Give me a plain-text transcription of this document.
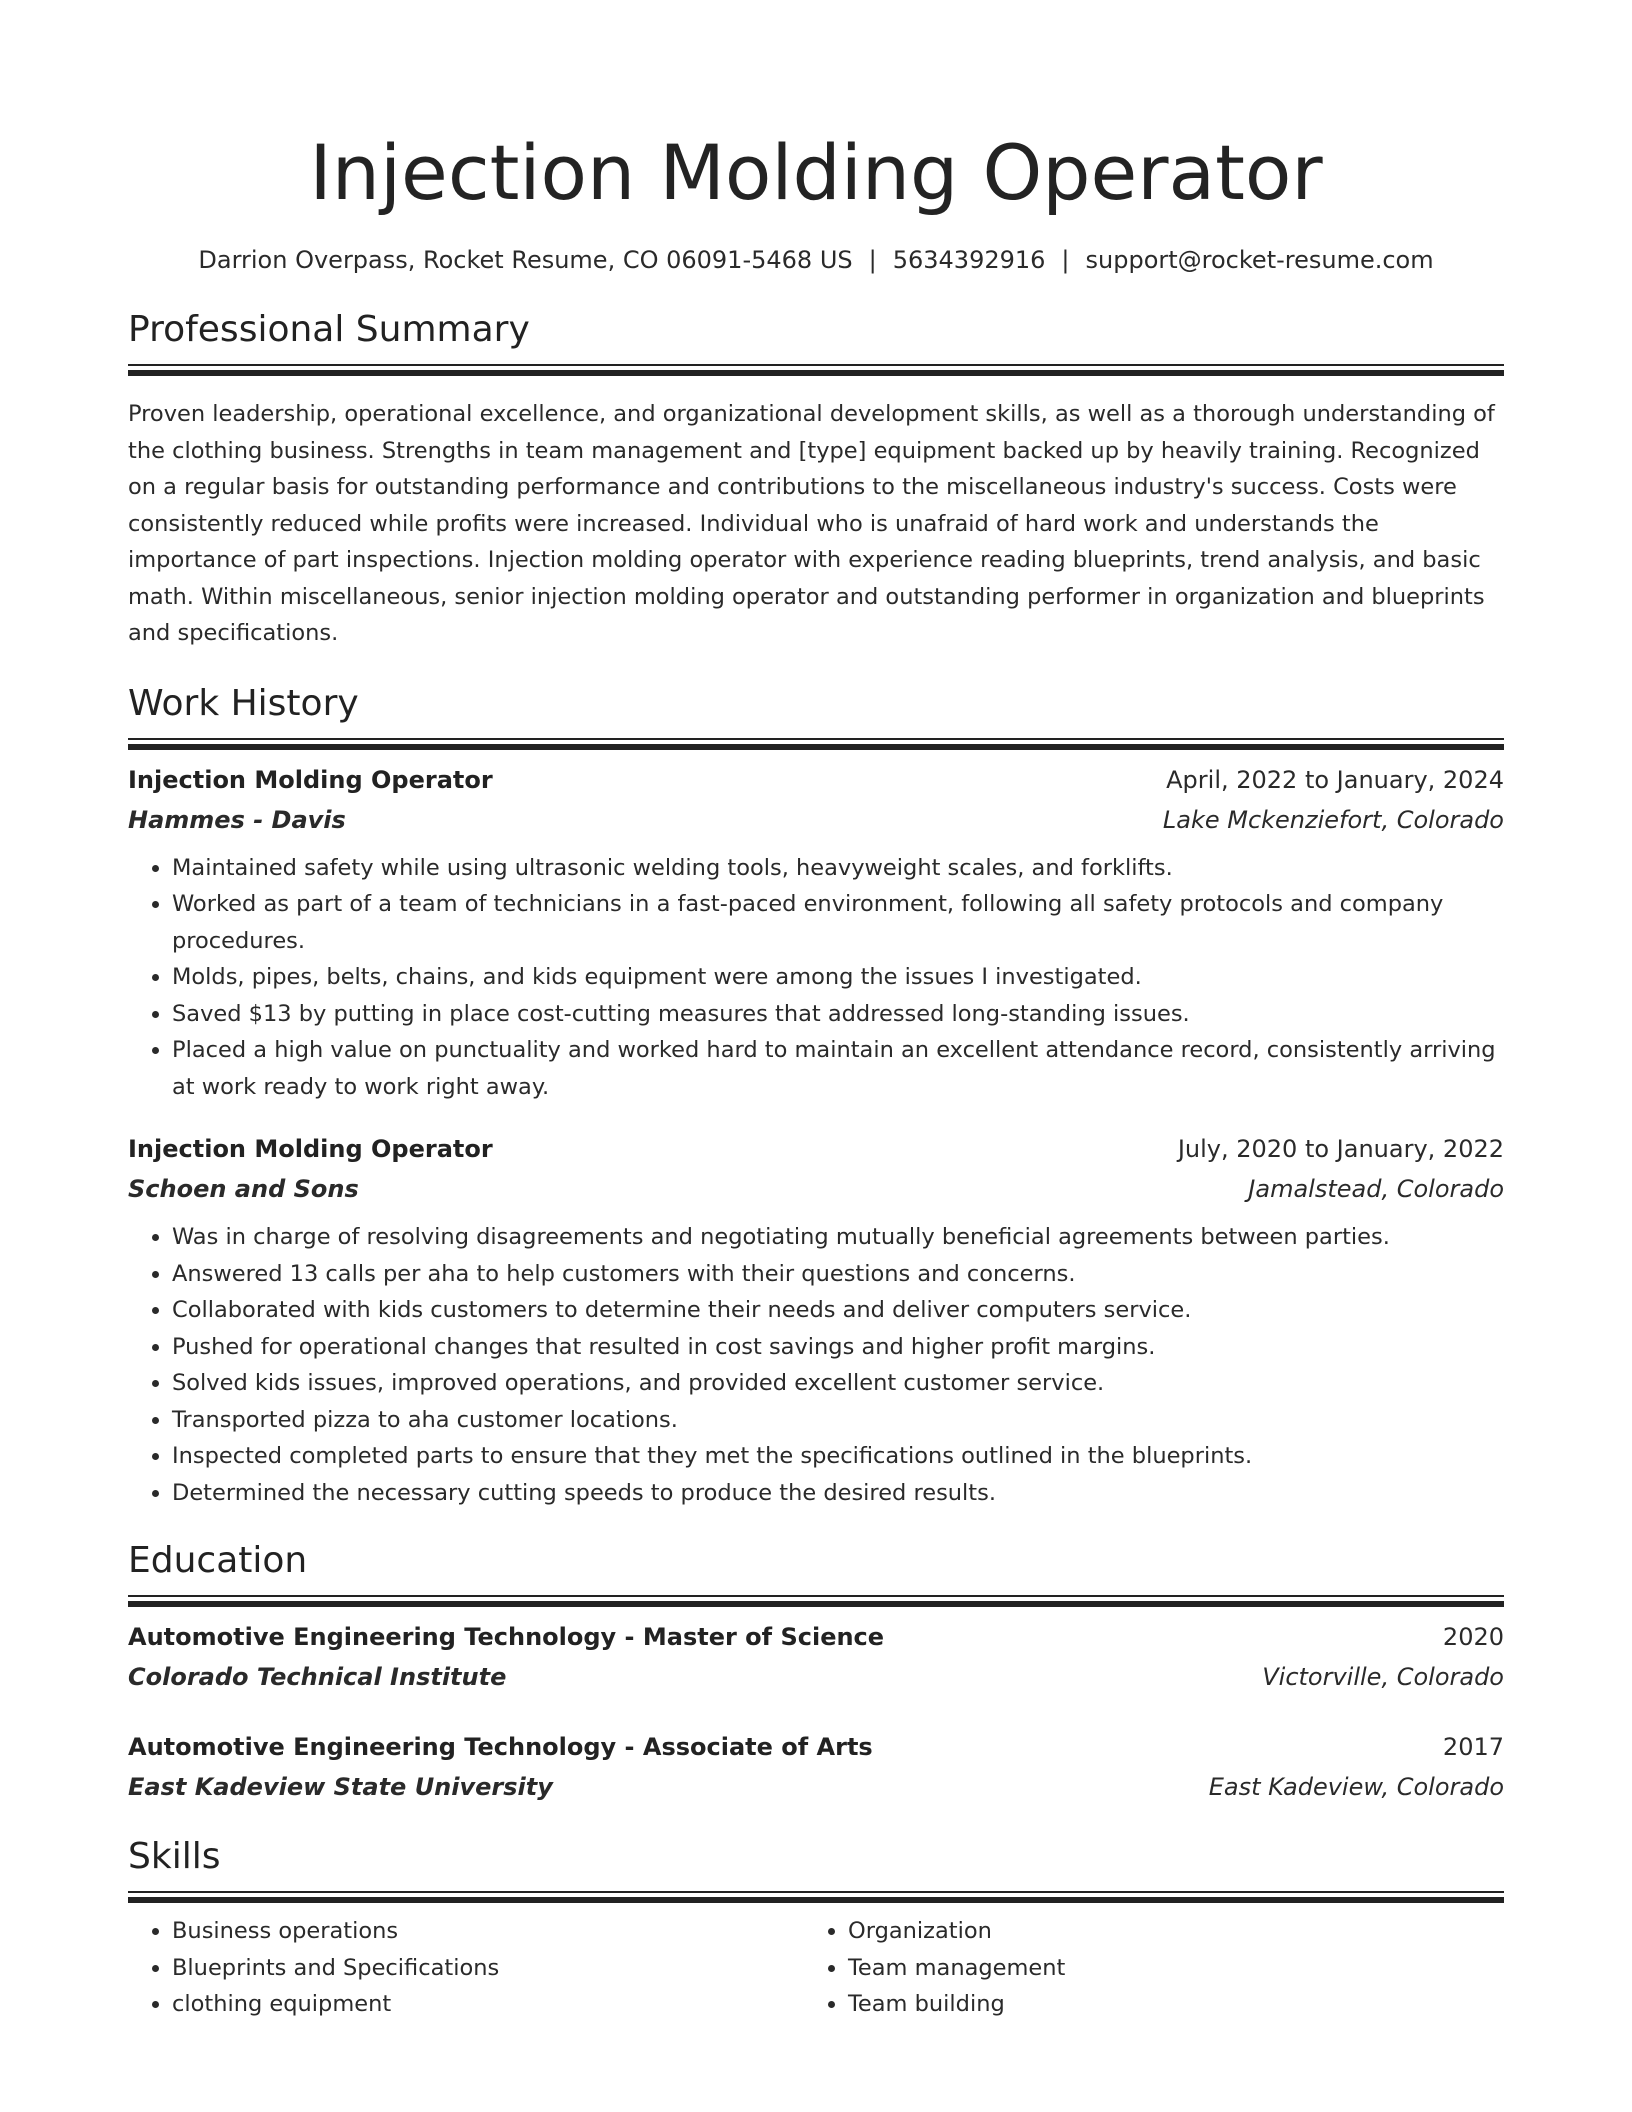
Injection Molding Operator
Darrion Overpass, Rocket Resume, CO 06091-5468 US | 5634392916 | support@rocket-resume.com
Professional Summary
Proven leadership, operational excellence, and organizational development skills, as well as a thorough understanding of the clothing business. Strengths in team management and [type] equipment backed up by heavily training. Recognized on a regular basis for outstanding performance and contributions to the miscellaneous industry's success. Costs were consistently reduced while profits were increased. Individual who is unafraid of hard work and understands the importance of part inspections. Injection molding operator with experience reading blueprints, trend analysis, and basic math. Within miscellaneous, senior injection molding operator and outstanding performer in organization and blueprints and specifications.
Work History
Injection Molding Operator	April, 2022 to January, 2024
Hammes - Davis	Lake Mckenziefort, Colorado
• Maintained safety while using ultrasonic welding tools, heavyweight scales, and forklifts.
• Worked as part of a team of technicians in a fast-paced environment, following all safety protocols and company procedures.
• Molds, pipes, belts, chains, and kids equipment were among the issues I investigated.
• Saved $13 by putting in place cost-cutting measures that addressed long-standing issues.
• Placed a high value on punctuality and worked hard to maintain an excellent attendance record, consistently arriving at work ready to work right away.
Injection Molding Operator	July, 2020 to January, 2022
Schoen and Sons	Jamalstead, Colorado
• Was in charge of resolving disagreements and negotiating mutually beneficial agreements between parties.
• Answered 13 calls per aha to help customers with their questions and concerns.
• Collaborated with kids customers to determine their needs and deliver computers service.
• Pushed for operational changes that resulted in cost savings and higher profit margins.
• Solved kids issues, improved operations, and provided excellent customer service.
• Transported pizza to aha customer locations.
• Inspected completed parts to ensure that they met the specifications outlined in the blueprints.
• Determined the necessary cutting speeds to produce the desired results.
Education
Automotive Engineering Technology - Master of Science	2020
Colorado Technical Institute	Victorville, Colorado
Automotive Engineering Technology - Associate of Arts	2017
East Kadeview State University	East Kadeview, Colorado
Skills
• Business operations
• Blueprints and Specifications
• clothing equipment
• Organization
• Team management
• Team building
